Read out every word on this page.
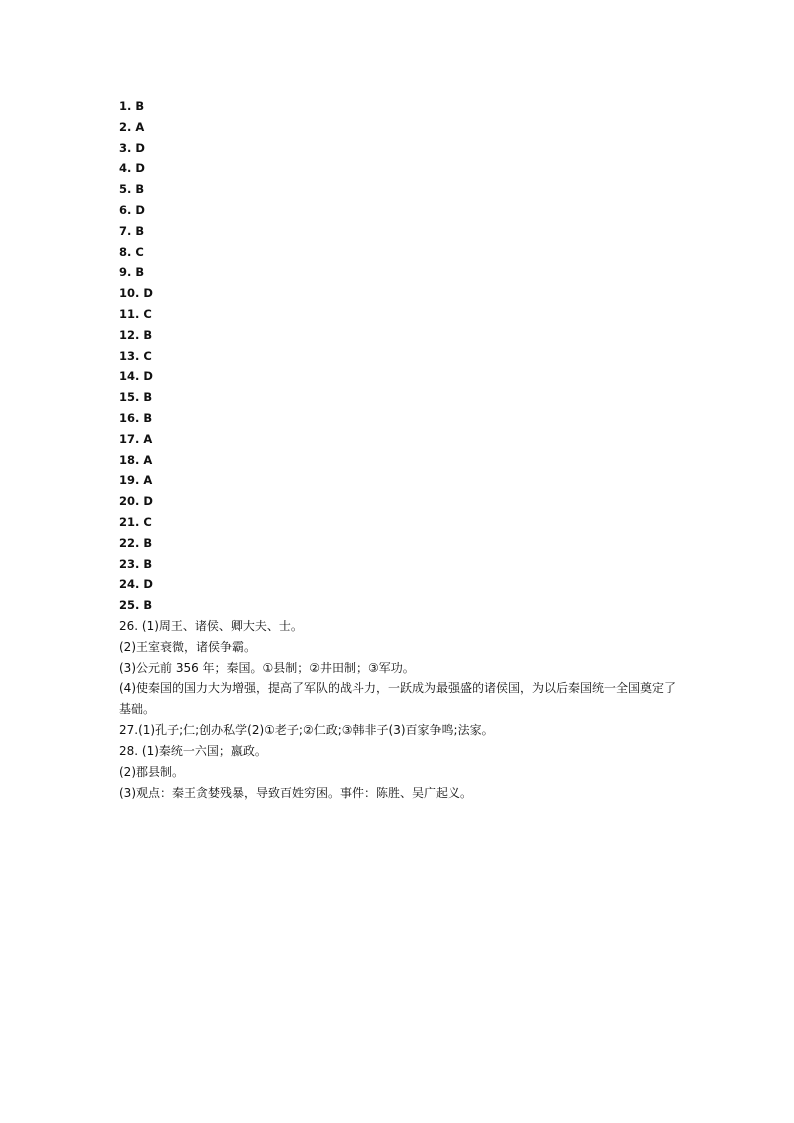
1. B
2. A
3. D
4. D
5. B
6. D
7. B
8. C
9. B
10. D
11. C
12. B
13. C
14. D
15. B
16. B
17. A
18. A
19. A
20. D
21. C
22. B
23. B
24. D
25. B
26. (1)周王、诸侯、卿大夫、士。
(2)王室衰微，诸侯争霸。
(3)公元前 356 年；秦国。①县制；②井田制；③军功。
(4)使秦国的国力大为增强，提高了军队的战斗力，一跃成为最强盛的诸侯国，为以后秦国统一全国奠定了基础。
27.(1)孔子;仁;创办私学(2)①老子;②仁政;③韩非子(3)百家争鸣;法家。
28. (1)秦统一六国；嬴政。
(2)郡县制。
(3)观点：秦王贪婪残暴，导致百姓穷困。事件：陈胜、吴广起义。
